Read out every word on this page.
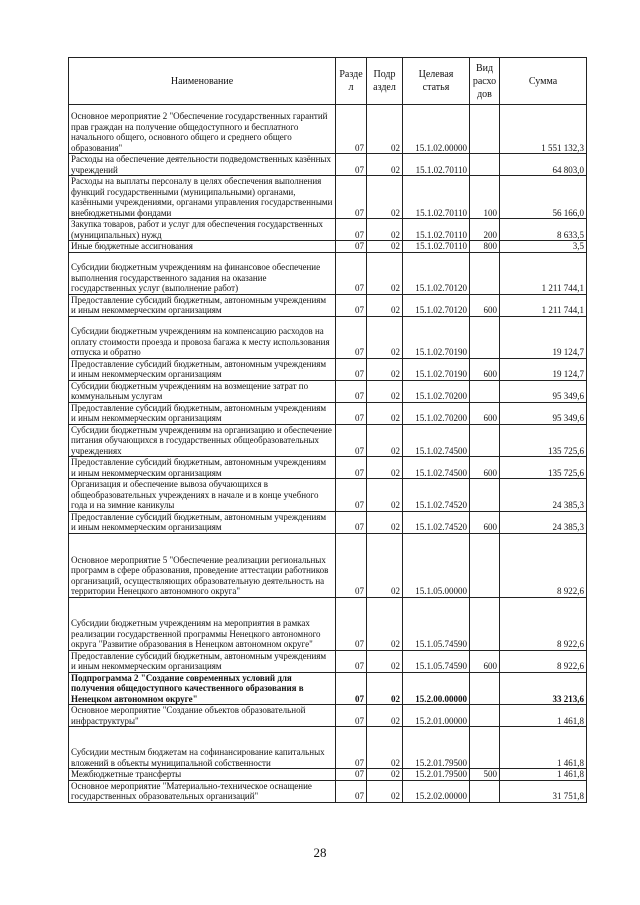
Наименование	Разде л	Подр аздел	Целевая статья	Вид расхо дов	Сумма
Основное мероприятие 2 "Обеспечение государственных гарантий прав граждан на получение общедоступного и бесплатного начального общего, основного общего и среднего общего образования"	07	02	15.1.02.00000		1 551 132,3
Расходы на обеспечение деятельности подведомственных казённых учреждений	07	02	15.1.02.70110		64 803,0
Расходы на выплаты персоналу в целях обеспечения выполнения функций государственными (муниципальными) органами, казёнными учреждениями, органами управления государственными внебюджетными фондами	07	02	15.1.02.70110	100	56 166,0
Закупка товаров, работ и услуг для обеспечения государственных (муниципальных) нужд	07	02	15.1.02.70110	200	8 633,5
Иные бюджетные ассигнования	07	02	15.1.02.70110	800	3,5
Субсидии бюджетным учреждениям на финансовое обеспечение выполнения государственного задания на оказание государственных услуг (выполнение работ)	07	02	15.1.02.70120		1 211 744,1
Предоставление субсидий бюджетным, автономным учреждениям и иным некоммерческим организациям	07	02	15.1.02.70120	600	1 211 744,1
Субсидии бюджетным учреждениям на компенсацию расходов на оплату стоимости проезда и провоза багажа к месту использования отпуска и обратно	07	02	15.1.02.70190		19 124,7
Предоставление субсидий бюджетным, автономным учреждениям и иным некоммерческим организациям	07	02	15.1.02.70190	600	19 124,7
Субсидии бюджетным учреждениям на возмещение затрат по коммунальным услугам	07	02	15.1.02.70200		95 349,6
Предоставление субсидий бюджетным, автономным учреждениям и иным некоммерческим организациям	07	02	15.1.02.70200	600	95 349,6
Субсидии бюджетным учреждениям на организацию и обеспечение питания обучающихся в государственных общеобразовательных учреждениях	07	02	15.1.02.74500		135 725,6
Предоставление субсидий бюджетным, автономным учреждениям и иным некоммерческим организациям	07	02	15.1.02.74500	600	135 725,6
Организация и обеспечение вывоза обучающихся в общеобразовательных учреждениях в начале и в конце учебного года и на зимние каникулы	07	02	15.1.02.74520		24 385,3
Предоставление субсидий бюджетным, автономным учреждениям и иным некоммерческим организациям	07	02	15.1.02.74520	600	24 385,3
Основное мероприятие 5 "Обеспечение реализации региональных программ в сфере образования, проведение аттестации работников организаций, осуществляющих образовательную деятельность на территории Ненецкого автономного округа"	07	02	15.1.05.00000		8 922,6
Субсидии бюджетным учреждениям на мероприятия в рамках реализации государственной программы Ненецкого автономного округа "Развитие образования в Ненецком автономном округе"	07	02	15.1.05.74590		8 922,6
Предоставление субсидий бюджетным, автономным учреждениям и иным некоммерческим организациям	07	02	15.1.05.74590	600	8 922,6
Подпрограмма 2 "Создание современных условий для получения общедоступного качественного образования в Ненецком автономном округе"	07	02	15.2.00.00000		33 213,6
Основное мероприятие "Создание объектов образовательной инфраструктуры"	07	02	15.2.01.00000		1 461,8
Субсидии местным бюджетам на софинансирование капитальных вложений в объекты муниципальной собственности	07	02	15.2.01.79500		1 461,8
Межбюджетные трансферты	07	02	15.2.01.79500	500	1 461,8
Основное мероприятие "Материально-техническое оснащение государственных образовательных организаций"	07	02	15.2.02.00000		31 751,8
28
